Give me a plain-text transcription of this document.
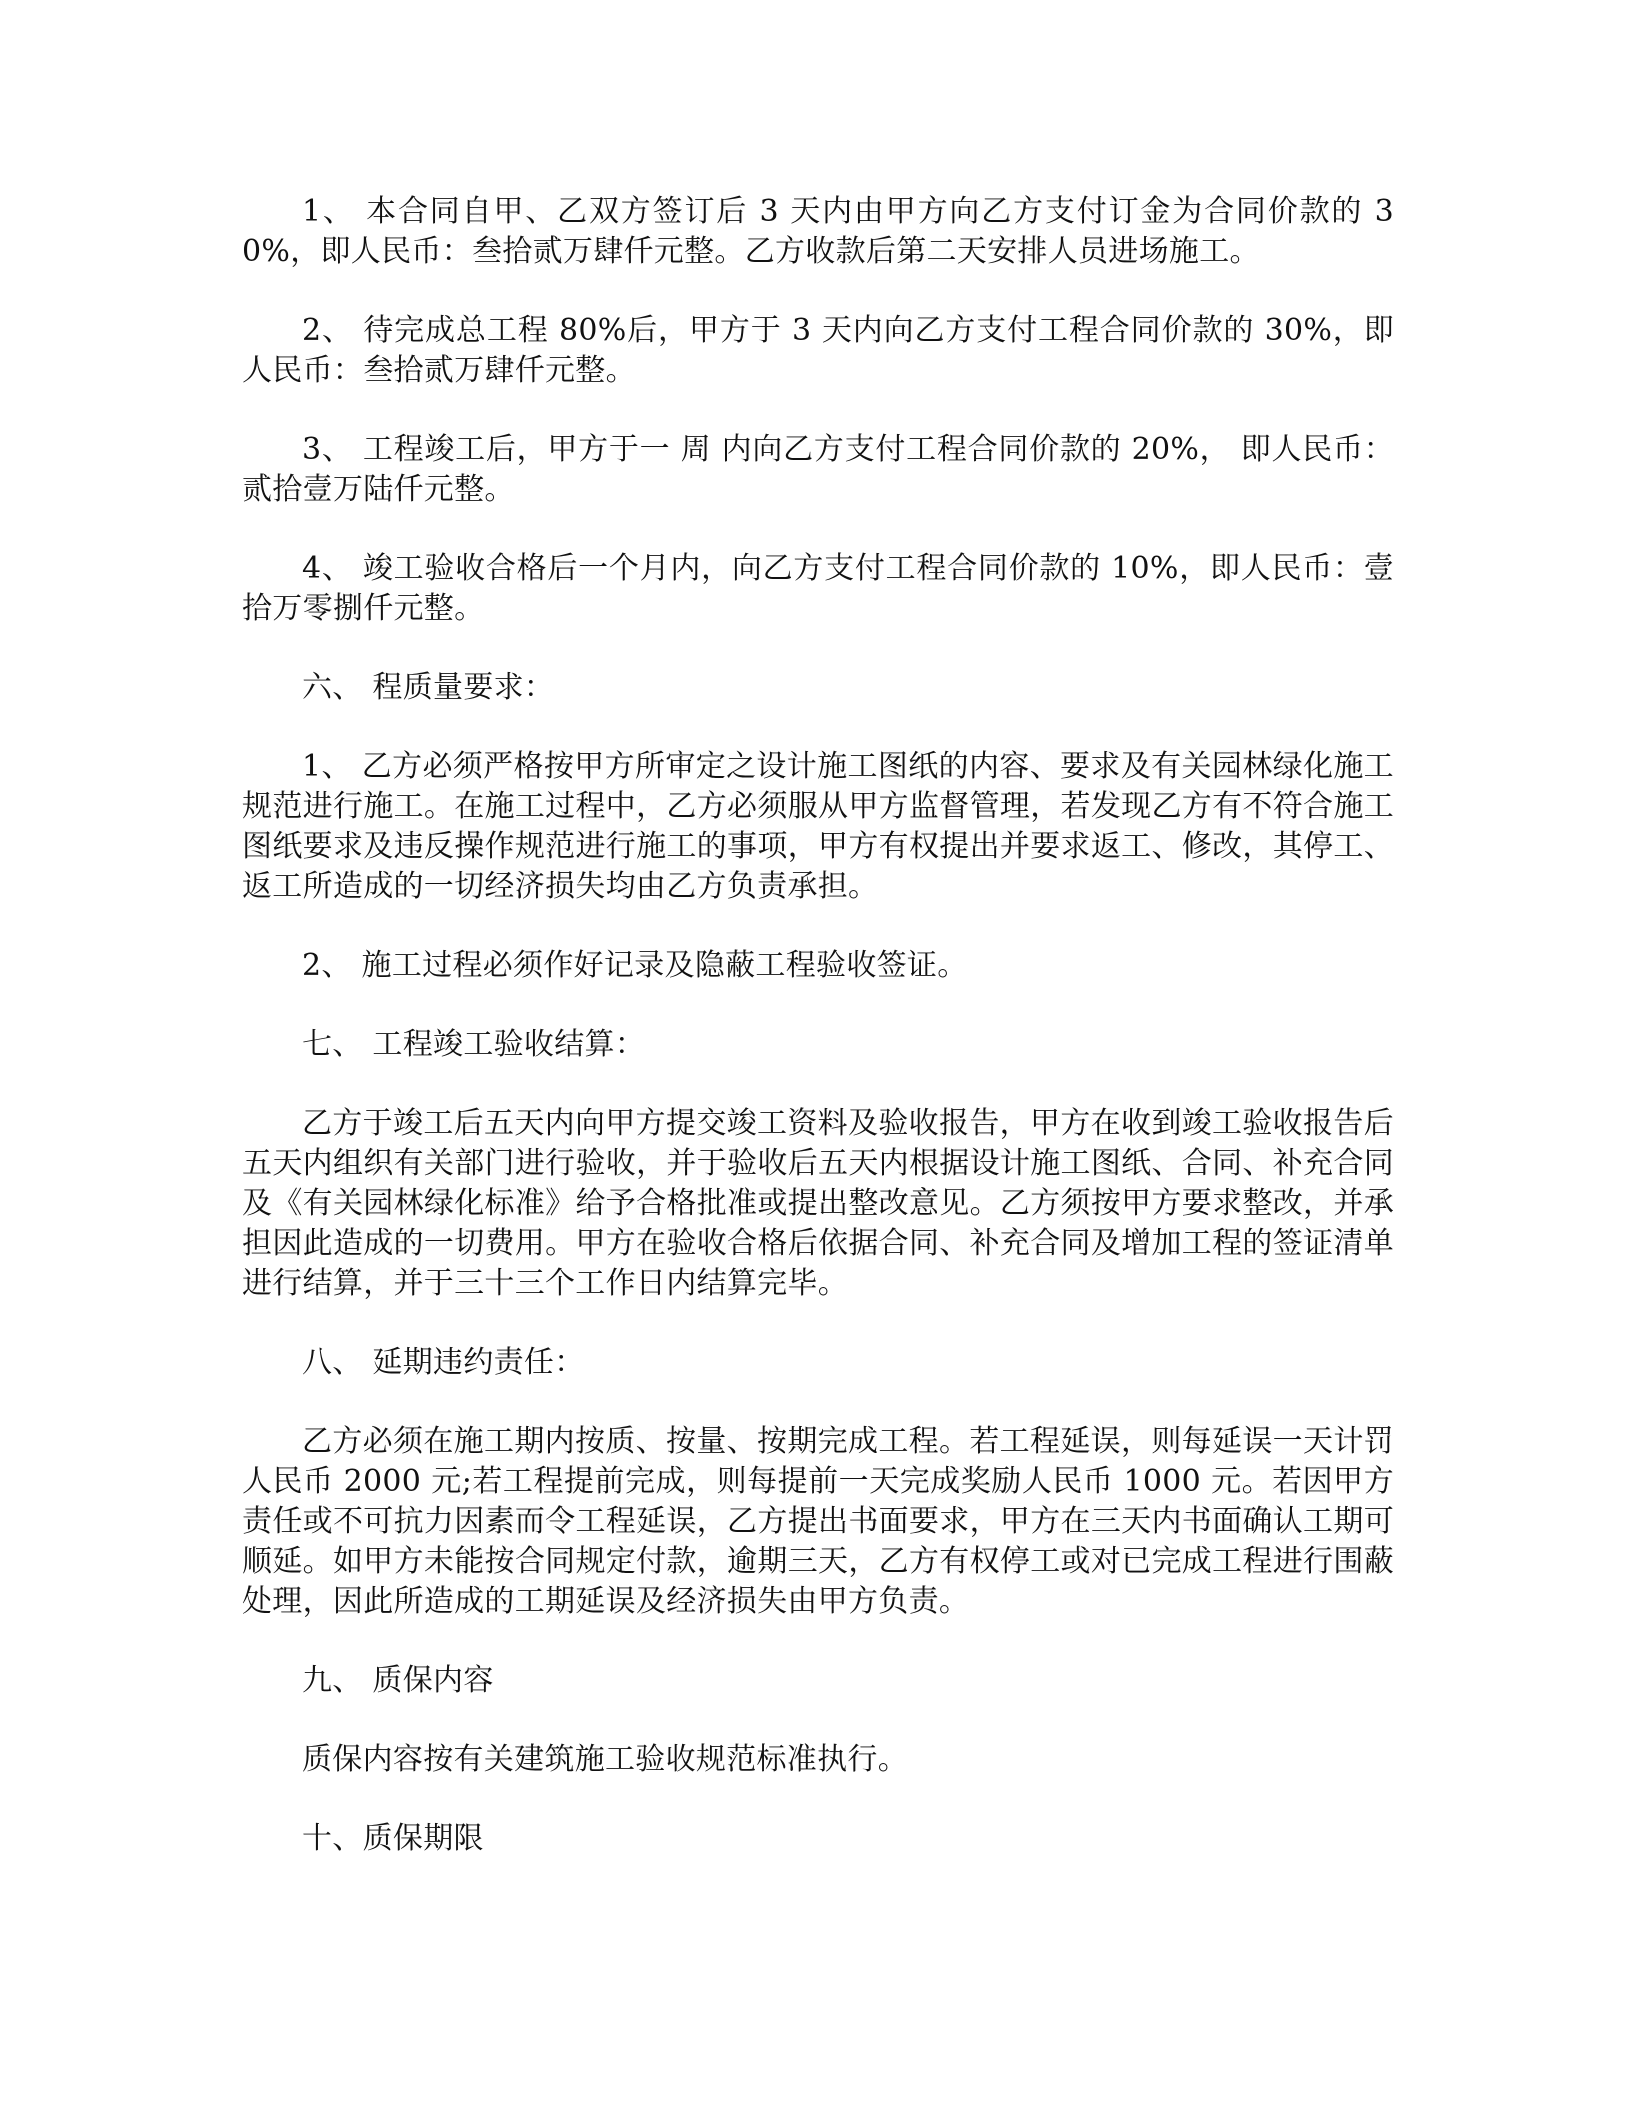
1、 本合同自甲、乙双方签订后 3 天内由甲方向乙方支付订金为合同价款的 30%，即人民币：叁拾贰万肆仟元整。乙方收款后第二天安排人员进场施工。

2、 待完成总工程 80%后，甲方于 3 天内向乙方支付工程合同价款的 30%，即人民币：叁拾贰万肆仟元整。

3、 工程竣工后，甲方于一 周 内向乙方支付工程合同价款的 20%， 即人民币：贰拾壹万陆仟元整。

4、 竣工验收合格后一个月内，向乙方支付工程合同价款的 10%，即人民币：壹拾万零捌仟元整。

六、 程质量要求：

1、 乙方必须严格按甲方所审定之设计施工图纸的内容、要求及有关园林绿化施工规范进行施工。在施工过程中，乙方必须服从甲方监督管理，若发现乙方有不符合施工图纸要求及违反操作规范进行施工的事项，甲方有权提出并要求返工、修改，其停工、返工所造成的一切经济损失均由乙方负责承担。

2、 施工过程必须作好记录及隐蔽工程验收签证。

七、 工程竣工验收结算：

乙方于竣工后五天内向甲方提交竣工资料及验收报告，甲方在收到竣工验收报告后五天内组织有关部门进行验收，并于验收后五天内根据设计施工图纸、合同、补充合同及《有关园林绿化标准》给予合格批准或提出整改意见。乙方须按甲方要求整改，并承担因此造成的一切费用。甲方在验收合格后依据合同、补充合同及增加工程的签证清单进行结算，并于三十三个工作日内结算完毕。

八、 延期违约责任：

乙方必须在施工期内按质、按量、按期完成工程。若工程延误，则每延误一天计罚人民币 2000 元;若工程提前完成，则每提前一天完成奖励人民币 1000 元。若因甲方责任或不可抗力因素而令工程延误，乙方提出书面要求，甲方在三天内书面确认工期可顺延。如甲方未能按合同规定付款，逾期三天，乙方有权停工或对已完成工程进行围蔽处理，因此所造成的工期延误及经济损失由甲方负责。

九、 质保内容

质保内容按有关建筑施工验收规范标准执行。

十、质保期限
